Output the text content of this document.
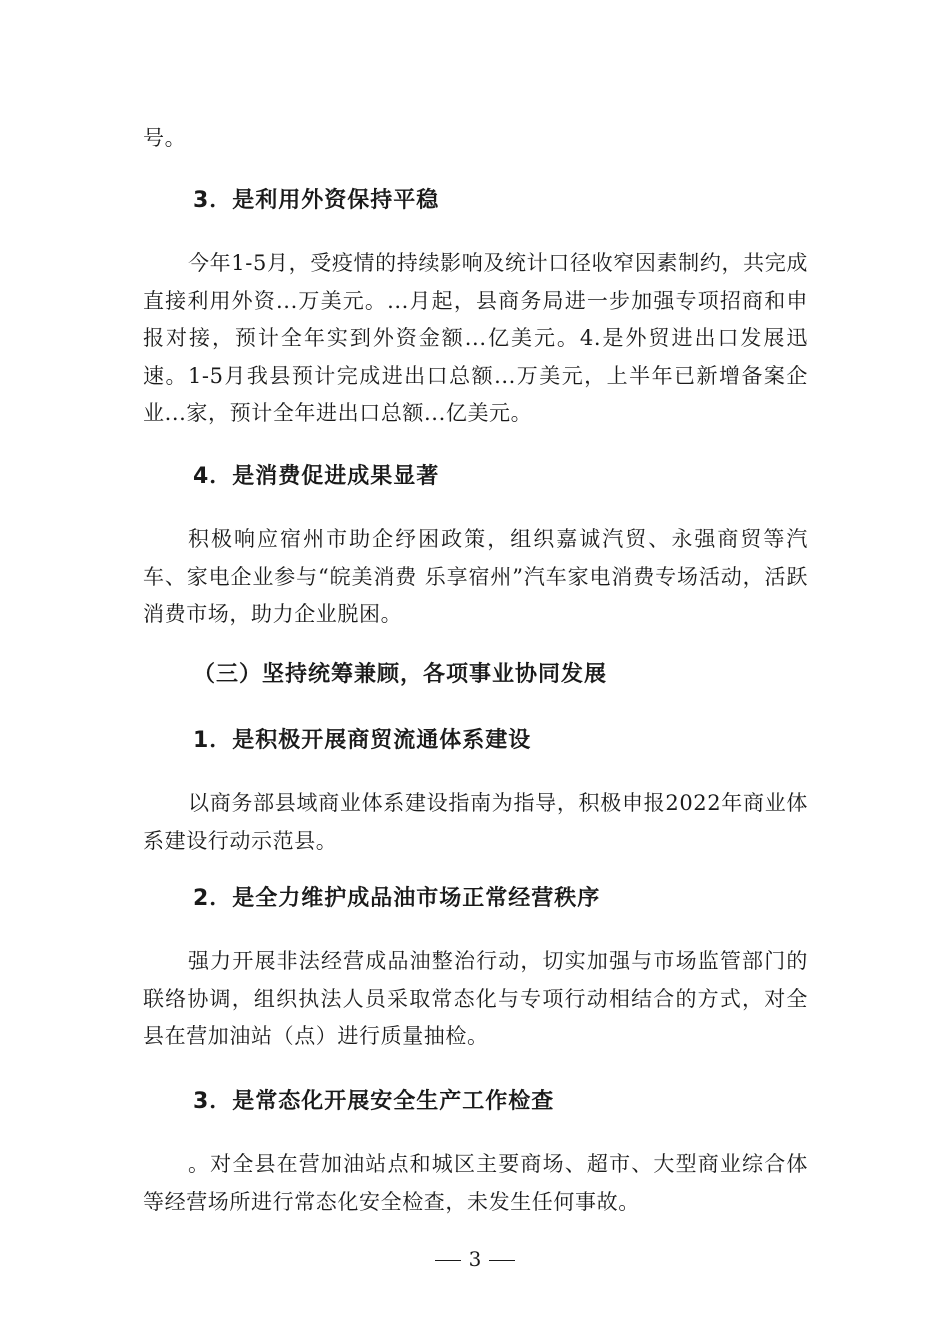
号。

3．是利用外资保持平稳

今年1-5月，受疫情的持续影响及统计口径收窄因素制约，共完成直接利用外资...万美元。...月起，县商务局进一步加强专项招商和申报对接，预计全年实到外资金额...亿美元。4.是外贸进出口发展迅速。1-5月我县预计完成进出口总额...万美元，上半年已新增备案企业...家，预计全年进出口总额...亿美元。

4．是消费促进成果显著

积极响应宿州市助企纾困政策，组织嘉诚汽贸、永强商贸等汽车、家电企业参与“皖美消费 乐享宿州”汽车家电消费专场活动，活跃消费市场，助力企业脱困。

（三）坚持统筹兼顾，各项事业协同发展
1．是积极开展商贸流通体系建设

以商务部县域商业体系建设指南为指导，积极申报2022年商业体系建设行动示范县。

2．是全力维护成品油市场正常经营秩序

强力开展非法经营成品油整治行动，切实加强与市场监管部门的联络协调，组织执法人员采取常态化与专项行动相结合的方式，对全县在营加油站（点）进行质量抽检。

3．是常态化开展安全生产工作检查

。对全县在营加油站点和城区主要商场、超市、大型商业综合体等经营场所进行常态化安全检查，未发生任何事故。

3
